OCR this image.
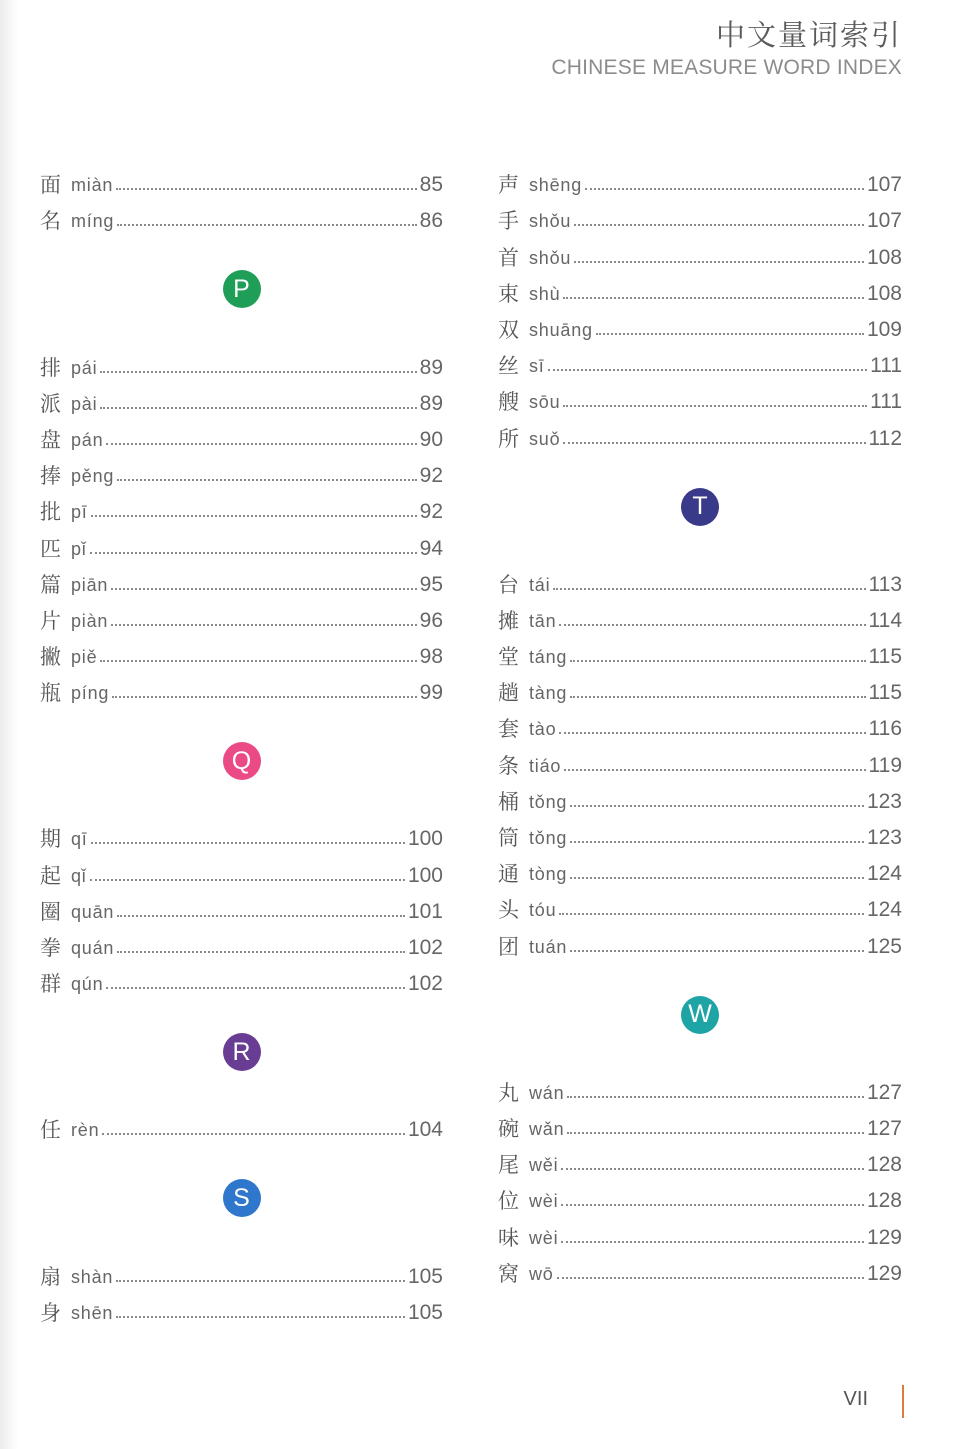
中文量词索引
CHINESE MEASURE WORD INDEX
面 miàn	85
名 míng	86
P
排 pái	89
派 pài	89
盘 pán	90
捧 pěng	92
批 pī	92
匹 pǐ	94
篇 piān	95
片 piàn	96
撇 piě	98
瓶 píng	99
Q
期 qī	100
起 qǐ	100
圈 quān	101
拳 quán	102
群 qún	102
R
任 rèn	104
S
扇 shàn	105
身 shēn	105
声 shēng	107
手 shǒu	107
首 shǒu	108
束 shù	108
双 shuāng	109
丝 sī	111
艘 sōu	111
所 suǒ	112
T
台 tái	113
摊 tān	114
堂 táng	115
趟 tàng	115
套 tào	116
条 tiáo	119
桶 tǒng	123
筒 tǒng	123
通 tòng	124
头 tóu	124
团 tuán	125
W
丸 wán	127
碗 wǎn	127
尾 wěi	128
位 wèi	128
味 wèi	129
窝 wō	129
VII
